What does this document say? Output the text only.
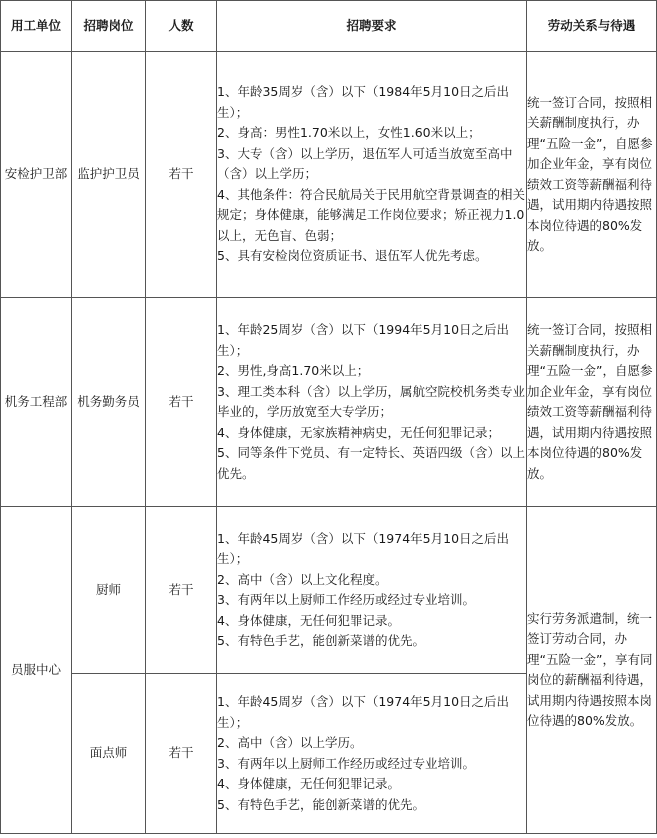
用工单位	招聘岗位	人数	招聘要求	劳动关系与待遇
安检护卫部	监护护卫员	若干	1、年龄35周岁（含）以下（1984年5月10日之后出生）；
2、身高：男性1.70米以上，女性1.60米以上；
3、大专（含）以上学历，退伍军人可适当放宽至高中（含）以上学历；
4、其他条件：符合民航局关于民用航空背景调查的相关规定；身体健康，能够满足工作岗位要求；矫正视力1.0以上，无色盲、色弱；
5、具有安检岗位资质证书、退伍军人优先考虑。	统一签订合同，按照相关薪酬制度执行，办理“五险一金”，自愿参加企业年金，享有岗位绩效工资等薪酬福利待遇，试用期内待遇按照本岗位待遇的80%发放。
机务工程部	机务勤务员	若干	1、年龄25周岁（含）以下（1994年5月10日之后出生）；
2、男性,身高1.70米以上；
3、理工类本科（含）以上学历，属航空院校机务类专业毕业的，学历放宽至大专学历；
4、身体健康，无家族精神病史，无任何犯罪记录；
5、同等条件下党员、有一定特长、英语四级（含）以上优先。	统一签订合同，按照相关薪酬制度执行，办理“五险一金”，自愿参加企业年金，享有岗位绩效工资等薪酬福利待遇，试用期内待遇按照本岗位待遇的80%发放。
员服中心	厨师	若干	1、年龄45周岁（含）以下（1974年5月10日之后出生）；
2、高中（含）以上文化程度。
3、有两年以上厨师工作经历或经过专业培训。
4、身体健康，无任何犯罪记录。
5、有特色手艺，能创新菜谱的优先。	实行劳务派遣制，统一签订劳动合同，办理“五险一金”，享有同岗位的薪酬福利待遇，试用期内待遇按照本岗位待遇的80%发放。
	面点师	若干	1、年龄45周岁（含）以下（1974年5月10日之后出生）；
2、高中（含）以上学历。
3、有两年以上厨师工作经历或经过专业培训。
4、身体健康，无任何犯罪记录。
5、有特色手艺，能创新菜谱的优先。	
